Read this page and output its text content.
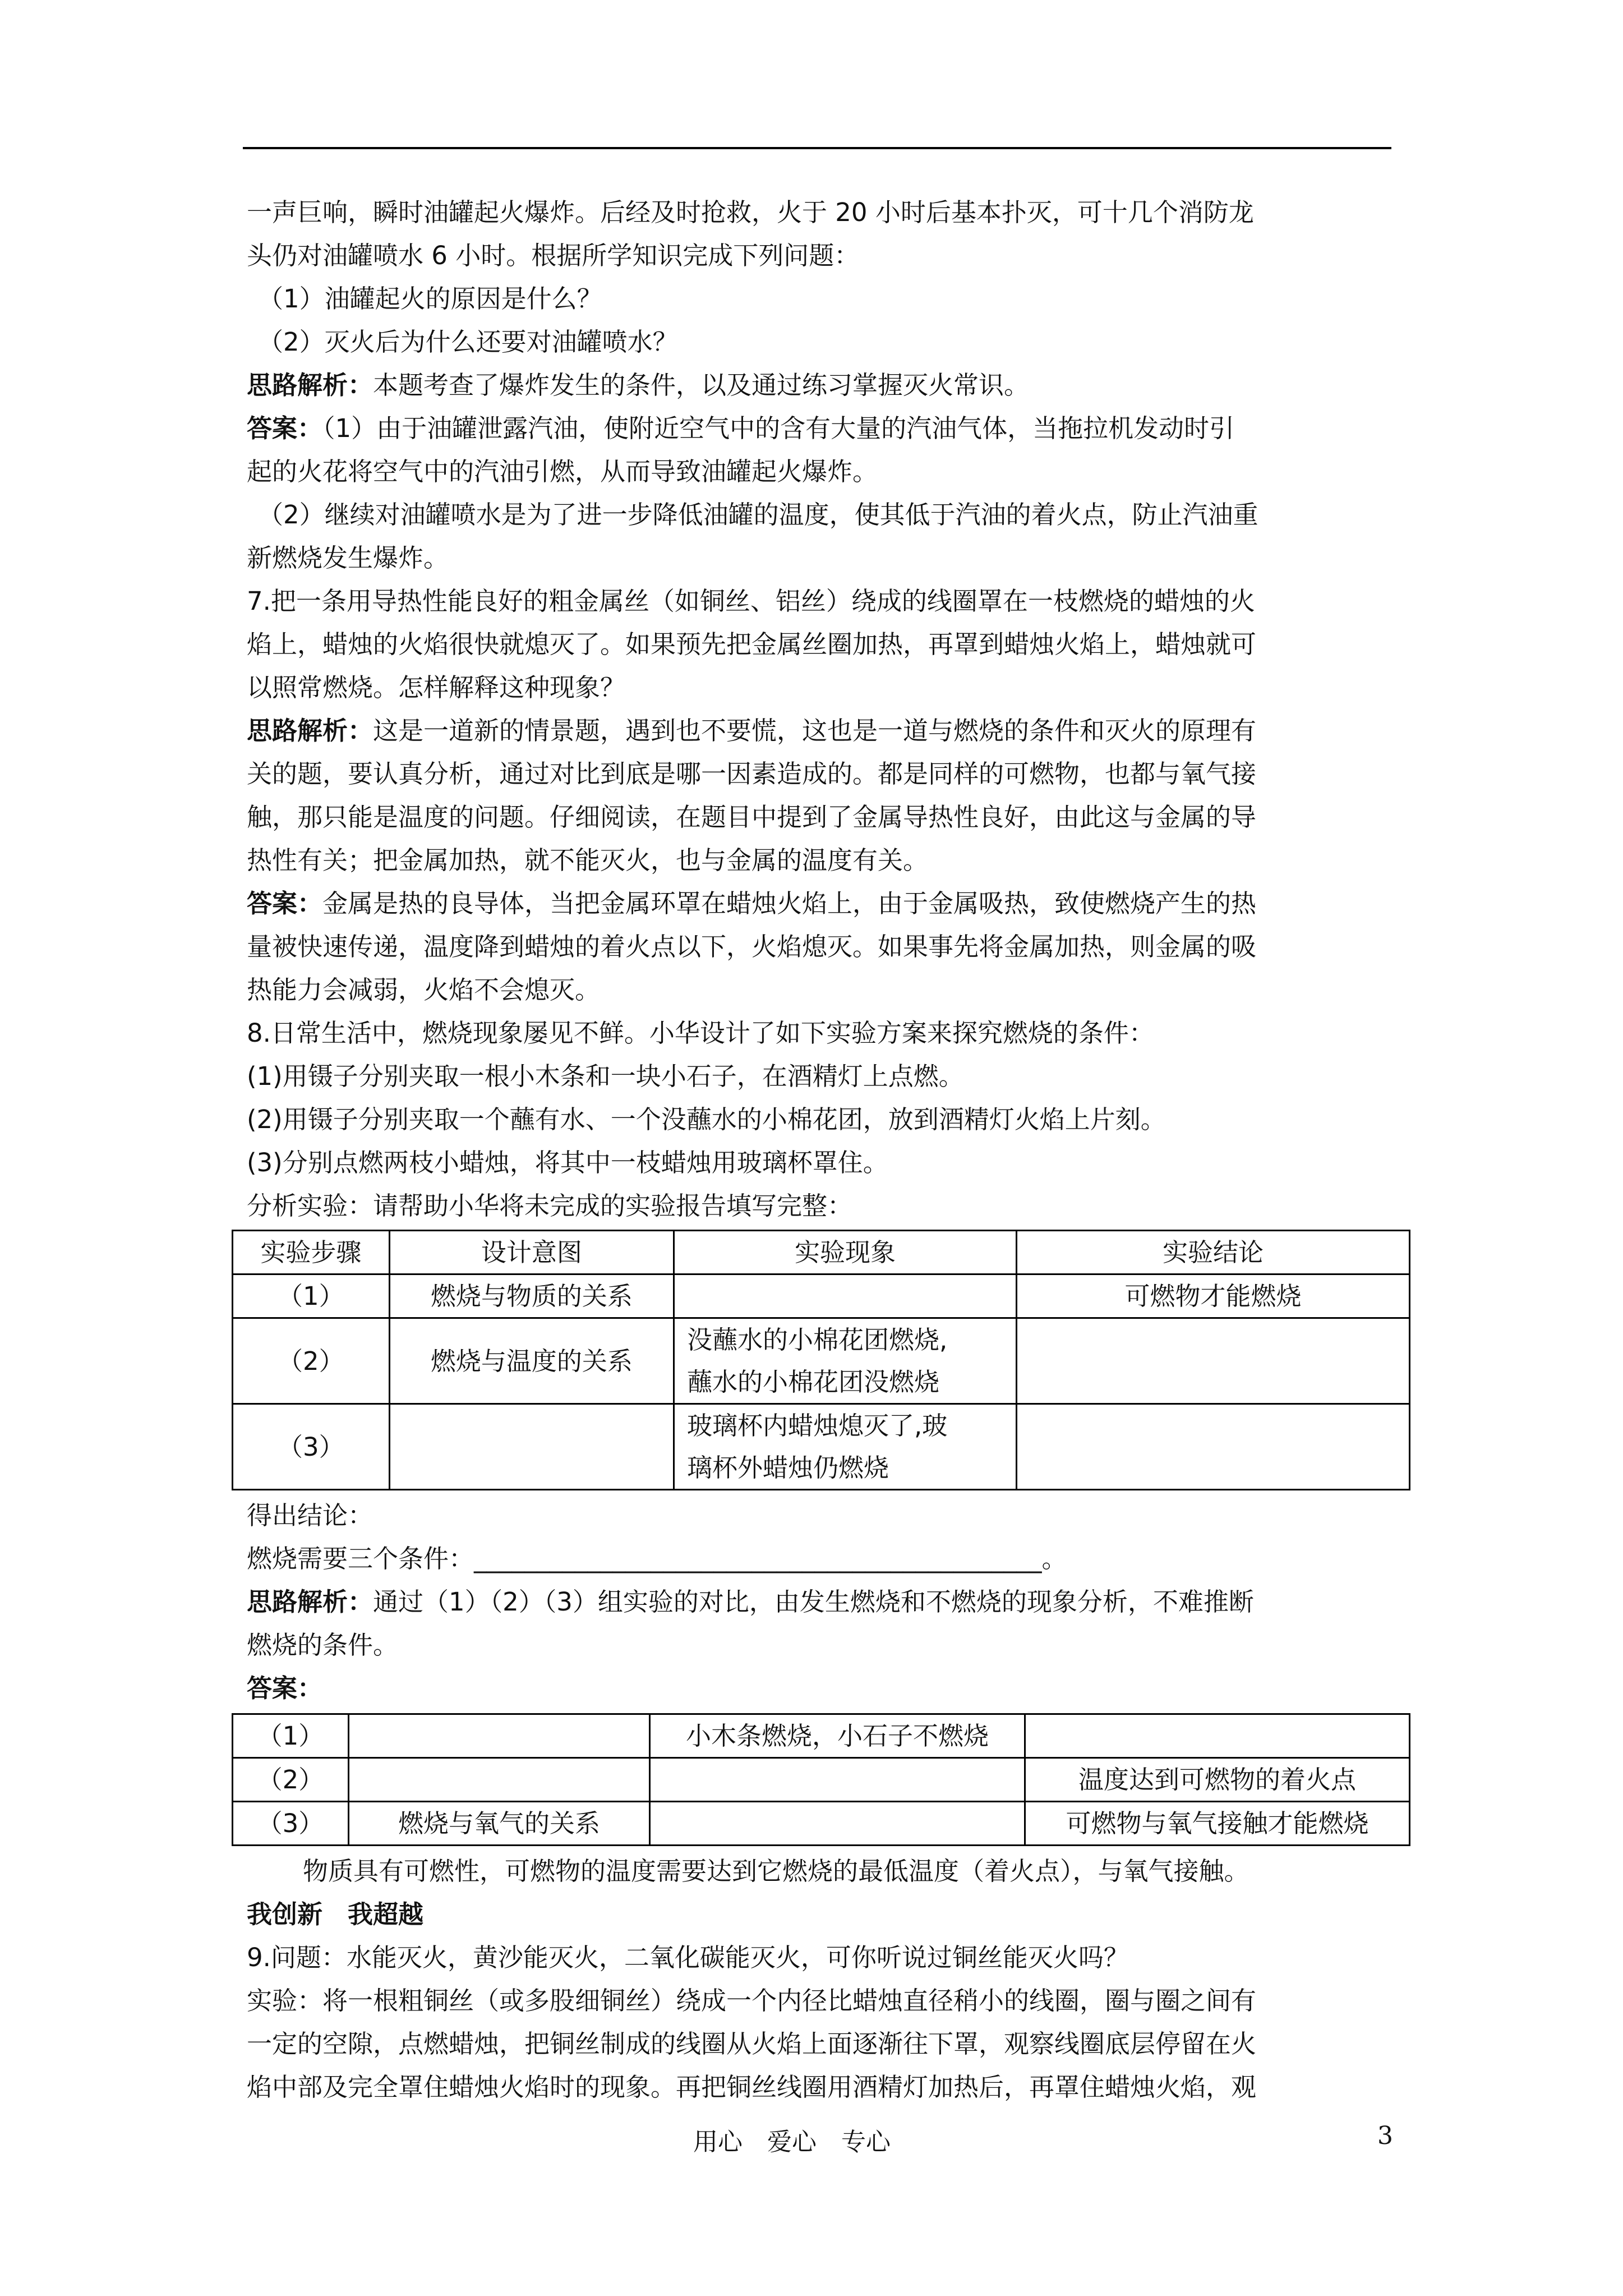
一声巨响，瞬时油罐起火爆炸。后经及时抢救，火于 20 小时后基本扑灭，可十几个消防龙

头仍对油罐喷水 6 小时。根据所学知识完成下列问题：

（1）油罐起火的原因是什么？

（2）灭火后为什么还要对油罐喷水？

思路解析：本题考查了爆炸发生的条件，以及通过练习掌握灭火常识。

答案：（1）由于油罐泄露汽油，使附近空气中的含有大量的汽油气体，当拖拉机发动时引

起的火花将空气中的汽油引燃，从而导致油罐起火爆炸。

（2）继续对油罐喷水是为了进一步降低油罐的温度，使其低于汽油的着火点，防止汽油重

新燃烧发生爆炸。

7.把一条用导热性能良好的粗金属丝（如铜丝、铝丝）绕成的线圈罩在一枝燃烧的蜡烛的火

焰上，蜡烛的火焰很快就熄灭了。如果预先把金属丝圈加热，再罩到蜡烛火焰上，蜡烛就可

以照常燃烧。怎样解释这种现象？

思路解析：这是一道新的情景题，遇到也不要慌，这也是一道与燃烧的条件和灭火的原理有

关的题，要认真分析，通过对比到底是哪一因素造成的。都是同样的可燃物，也都与氧气接

触，那只能是温度的问题。仔细阅读，在题目中提到了金属导热性良好，由此这与金属的导

热性有关；把金属加热，就不能灭火，也与金属的温度有关。

答案：金属是热的良导体，当把金属环罩在蜡烛火焰上，由于金属吸热，致使燃烧产生的热

量被快速传递，温度降到蜡烛的着火点以下，火焰熄灭。如果事先将金属加热，则金属的吸

热能力会减弱，火焰不会熄灭。

8.日常生活中，燃烧现象屡见不鲜。小华设计了如下实验方案来探究燃烧的条件：

(1)用镊子分别夹取一根小木条和一块小石子，在酒精灯上点燃。

(2)用镊子分别夹取一个蘸有水、一个没蘸水的小棉花团，放到酒精灯火焰上片刻。

(3)分别点燃两枝小蜡烛，将其中一枝蜡烛用玻璃杯罩住。

分析实验：请帮助小华将未完成的实验报告填写完整：

实验步骤	设计意图	实验现象	实验结论
（1）	燃烧与物质的关系		可燃物才能燃烧
（2）	燃烧与温度的关系	没蘸水的小棉花团燃烧,
蘸水的小棉花团没燃烧	

（3）		玻璃杯内蜡烛熄灭了,玻
璃杯外蜡烛仍燃烧	

得出结论：

燃烧需要三个条件：_____________________________________________。

思路解析：通过（1）（2）（3）组实验的对比，由发生燃烧和不燃烧的现象分析，不难推断

燃烧的条件。

答案：

（1）		小木条燃烧，小石子不燃烧	
（2）			温度达到可燃物的着火点
（3）	燃烧与氧气的关系		可燃物与氧气接触才能燃烧

物质具有可燃性，可燃物的温度需要达到它燃烧的最低温度（着火点），与氧气接触。

我创新　我超越

9.问题：水能灭火，黄沙能灭火，二氧化碳能灭火，可你听说过铜丝能灭火吗？

实验：将一根粗铜丝（或多股细铜丝）绕成一个内径比蜡烛直径稍小的线圈，圈与圈之间有

一定的空隙，点燃蜡烛，把铜丝制成的线圈从火焰上面逐渐往下罩，观察线圈底层停留在火

焰中部及完全罩住蜡烛火焰时的现象。再把铜丝线圈用酒精灯加热后，再罩住蜡烛火焰，观

用心　爱心　专心	3
